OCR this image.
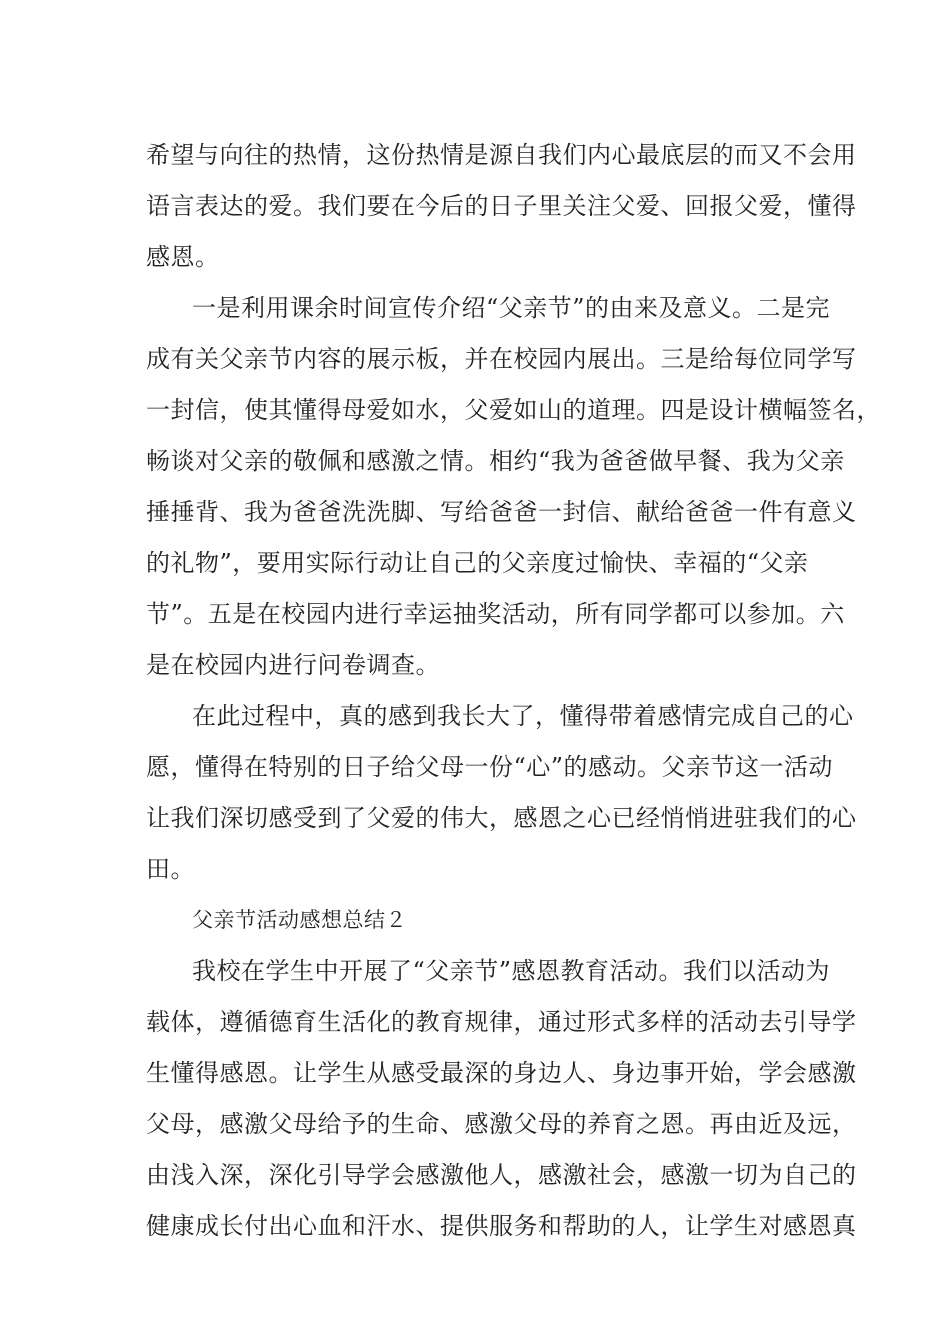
希望与向往的热情，这份热情是源自我们内心最底层的而又不会用
语言表达的爱。我们要在今后的日子里关注父爱、回报父爱，懂得
感恩。
一是利用课余时间宣传介绍“父亲节”的由来及意义。二是完
成有关父亲节内容的展示板，并在校园内展出。三是给每位同学写
一封信，使其懂得母爱如水，父爱如山的道理。四是设计横幅签名，
畅谈对父亲的敬佩和感激之情。相约“我为爸爸做早餐、我为父亲
捶捶背、我为爸爸洗洗脚、写给爸爸一封信、献给爸爸一件有意义
的礼物”，要用实际行动让自己的父亲度过愉快、幸福的“父亲
节”。五是在校园内进行幸运抽奖活动，所有同学都可以参加。六
是在校园内进行问卷调查。
在此过程中，真的感到我长大了，懂得带着感情完成自己的心
愿，懂得在特别的日子给父母一份“心”的感动。父亲节这一活动
让我们深切感受到了父爱的伟大，感恩之心已经悄悄进驻我们的心
田。
父亲节活动感想总结２
我校在学生中开展了“父亲节”感恩教育活动。我们以活动为
载体，遵循德育生活化的教育规律，通过形式多样的活动去引导学
生懂得感恩。让学生从感受最深的身边人、身边事开始，学会感激
父母，感激父母给予的生命、感激父母的养育之恩。再由近及远，
由浅入深，深化引导学会感激他人，感激社会，感激一切为自己的
健康成长付出心血和汗水、提供服务和帮助的人，让学生对感恩真
